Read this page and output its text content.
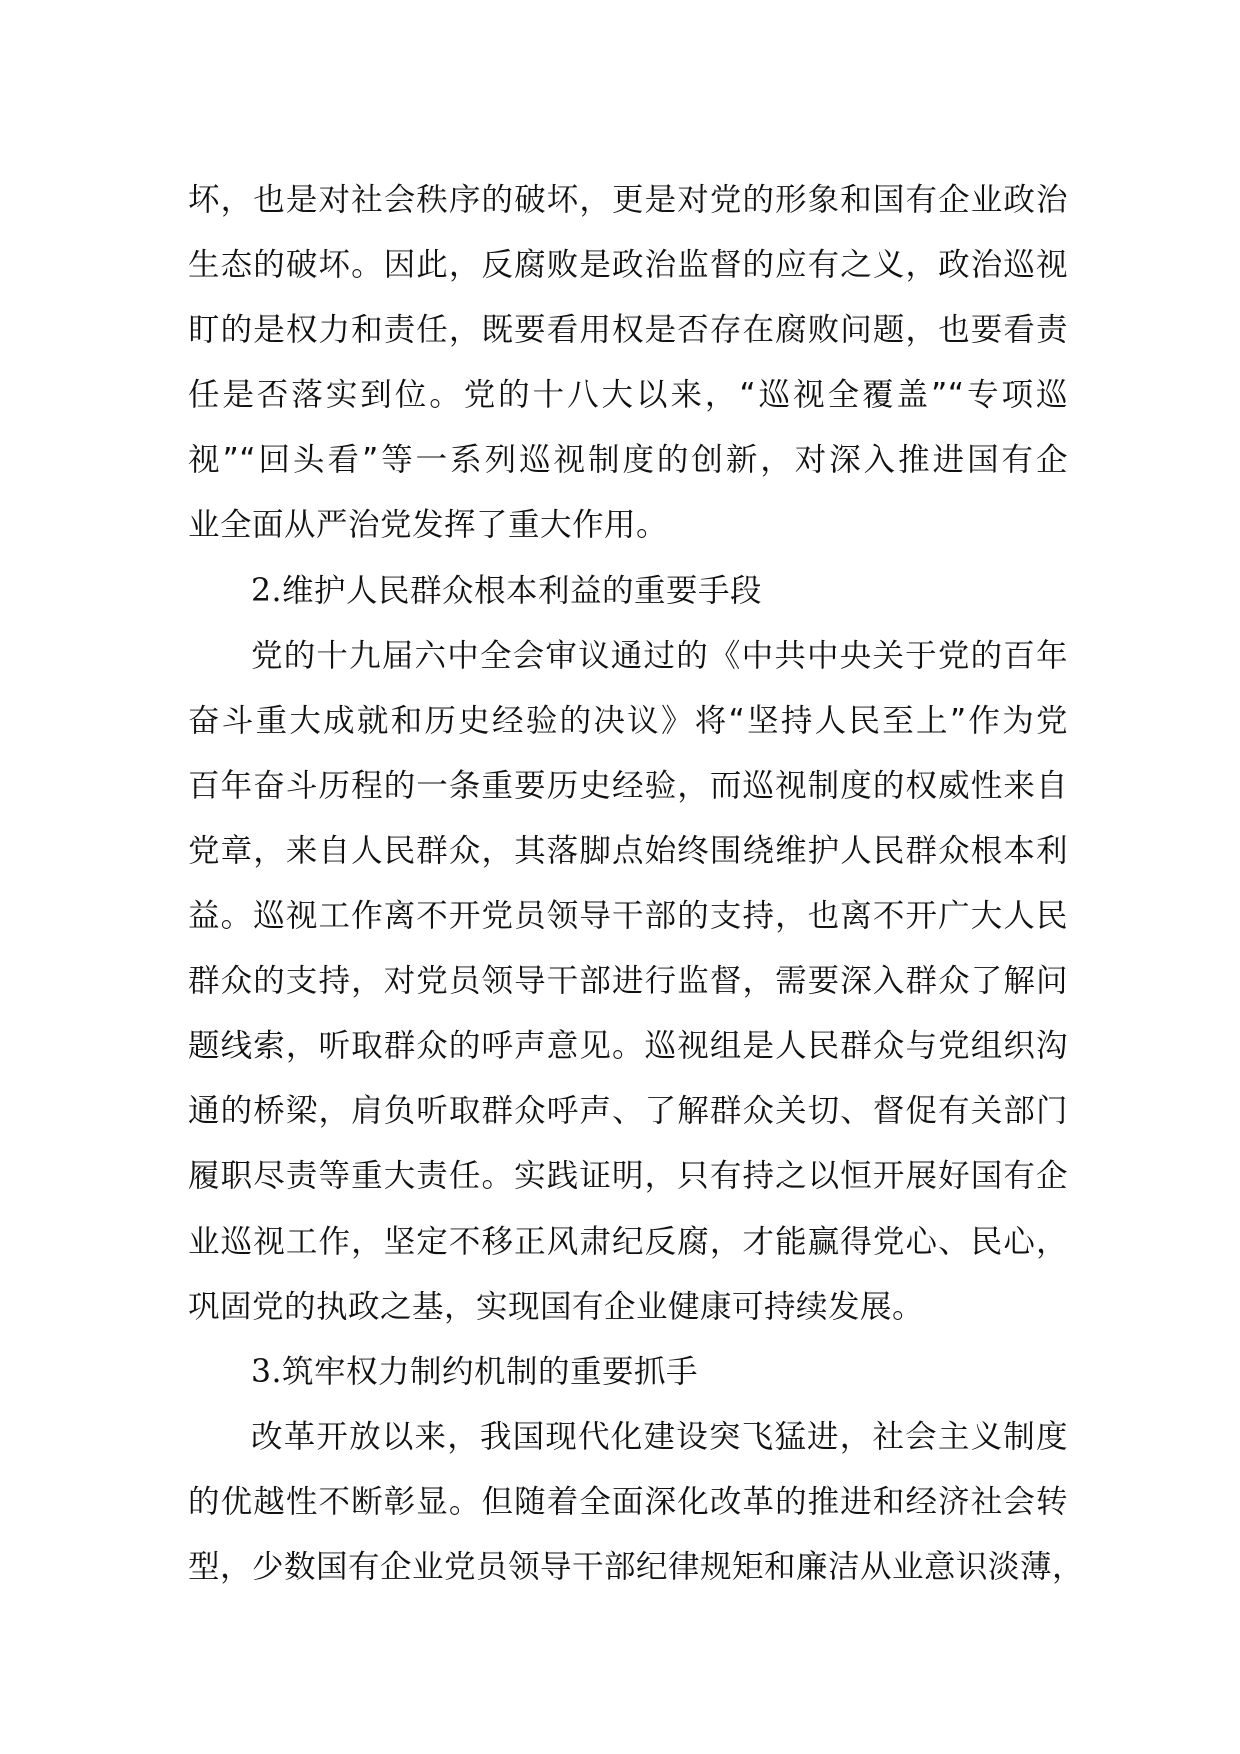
坏，也是对社会秩序的破坏，更是对党的形象和国有企业政治
生态的破坏。因此，反腐败是政治监督的应有之义，政治巡视
盯的是权力和责任，既要看用权是否存在腐败问题，也要看责
任是否落实到位。党的十八大以来，“巡视全覆盖”“专项巡
视”“回头看”等一系列巡视制度的创新，对深入推进国有企
业全面从严治党发挥了重大作用。
2.维护人民群众根本利益的重要手段
党的十九届六中全会审议通过的《中共中央关于党的百年
奋斗重大成就和历史经验的决议》将“坚持人民至上”作为党
百年奋斗历程的一条重要历史经验，而巡视制度的权威性来自
党章，来自人民群众，其落脚点始终围绕维护人民群众根本利
益。巡视工作离不开党员领导干部的支持，也离不开广大人民
群众的支持，对党员领导干部进行监督，需要深入群众了解问
题线索，听取群众的呼声意见。巡视组是人民群众与党组织沟
通的桥梁，肩负听取群众呼声、了解群众关切、督促有关部门
履职尽责等重大责任。实践证明，只有持之以恒开展好国有企
业巡视工作，坚定不移正风肃纪反腐，才能赢得党心、民心，
巩固党的执政之基，实现国有企业健康可持续发展。
3.筑牢权力制约机制的重要抓手
改革开放以来，我国现代化建设突飞猛进，社会主义制度
的优越性不断彰显。但随着全面深化改革的推进和经济社会转
型，少数国有企业党员领导干部纪律规矩和廉洁从业意识淡薄，
